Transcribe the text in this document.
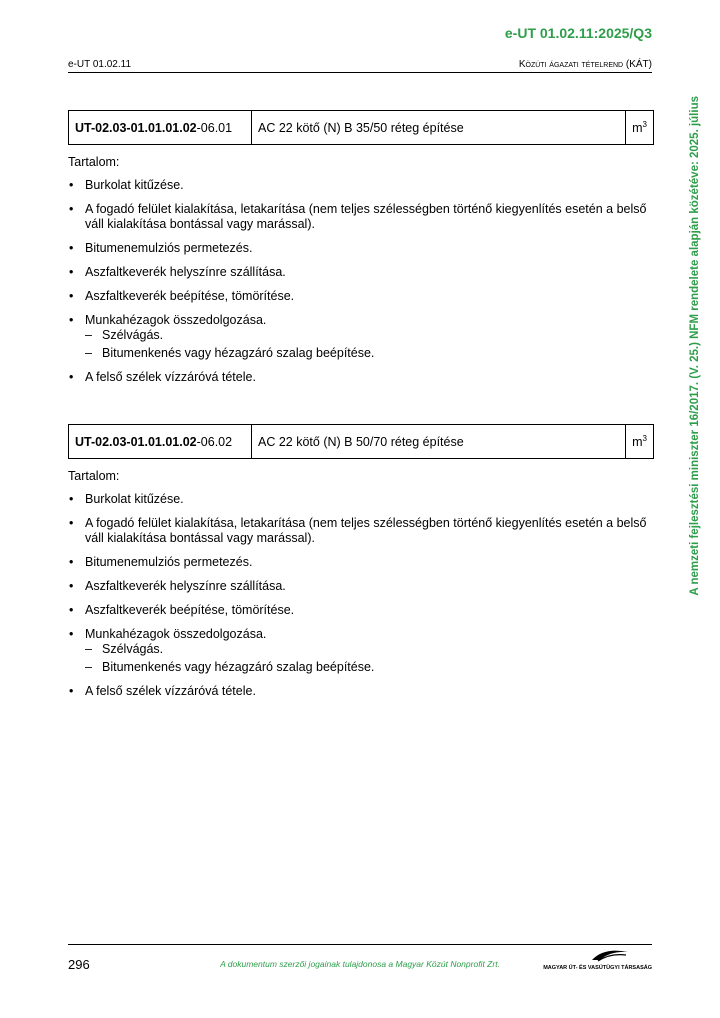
e-UT 01.02.11:2025/Q3
e-UT 01.02.11	Közúti ágazati tételrend (KÁT)
A nemzeti fejlesztési miniszter 16/2017. (V. 25.) NFM rendelete alapján közétéve: 2025. július
UT-02.03-01.01.01.02-06.01	AC 22 kötő (N) B 35/50 réteg építése	$m^3$

Tartalom:

• Burkolat kitűzése.
• A fogadó felület kialakítása, letakarítása (nem teljes szélességben történő kiegyenlítés esetén a belső váll kialakítása bontással vagy marással).
• Bitumenemulziós permetezés.
• Aszfaltkeverék helyszínre szállítása.
• Aszfaltkeverék beépítése, tömörítése.
• Munkahézagok összedolgozása.
– Szélvágás.
– Bitumenkenés vagy hézagzáró szalag beépítése.
• A felső szélek vízzáróvá tétele.
UT-02.03-01.01.01.02-06.02	AC 22 kötő (N) B 50/70 réteg építése	$m^3$

Tartalom:

• Burkolat kitűzése.
• A fogadó felület kialakítása, letakarítása (nem teljes szélességben történő kiegyenlítés esetén a belső váll kialakítása bontással vagy marással).
• Bitumenemulziós permetezés.
• Aszfaltkeverék helyszínre szállítása.
• Aszfaltkeverék beépítése, tömörítése.
• Munkahézagok összedolgozása.
– Szélvágás.
– Bitumenkenés vagy hézagzáró szalag beépítése.
• A felső szélek vízzáróvá tétele.
296	A dokumentum szerzői jogainak tulajdonosa a Magyar Közút Nonprofit Zrt.	MAGYAR ÚT- ÉS VASÚTÜGYI TÁRSASÁG
